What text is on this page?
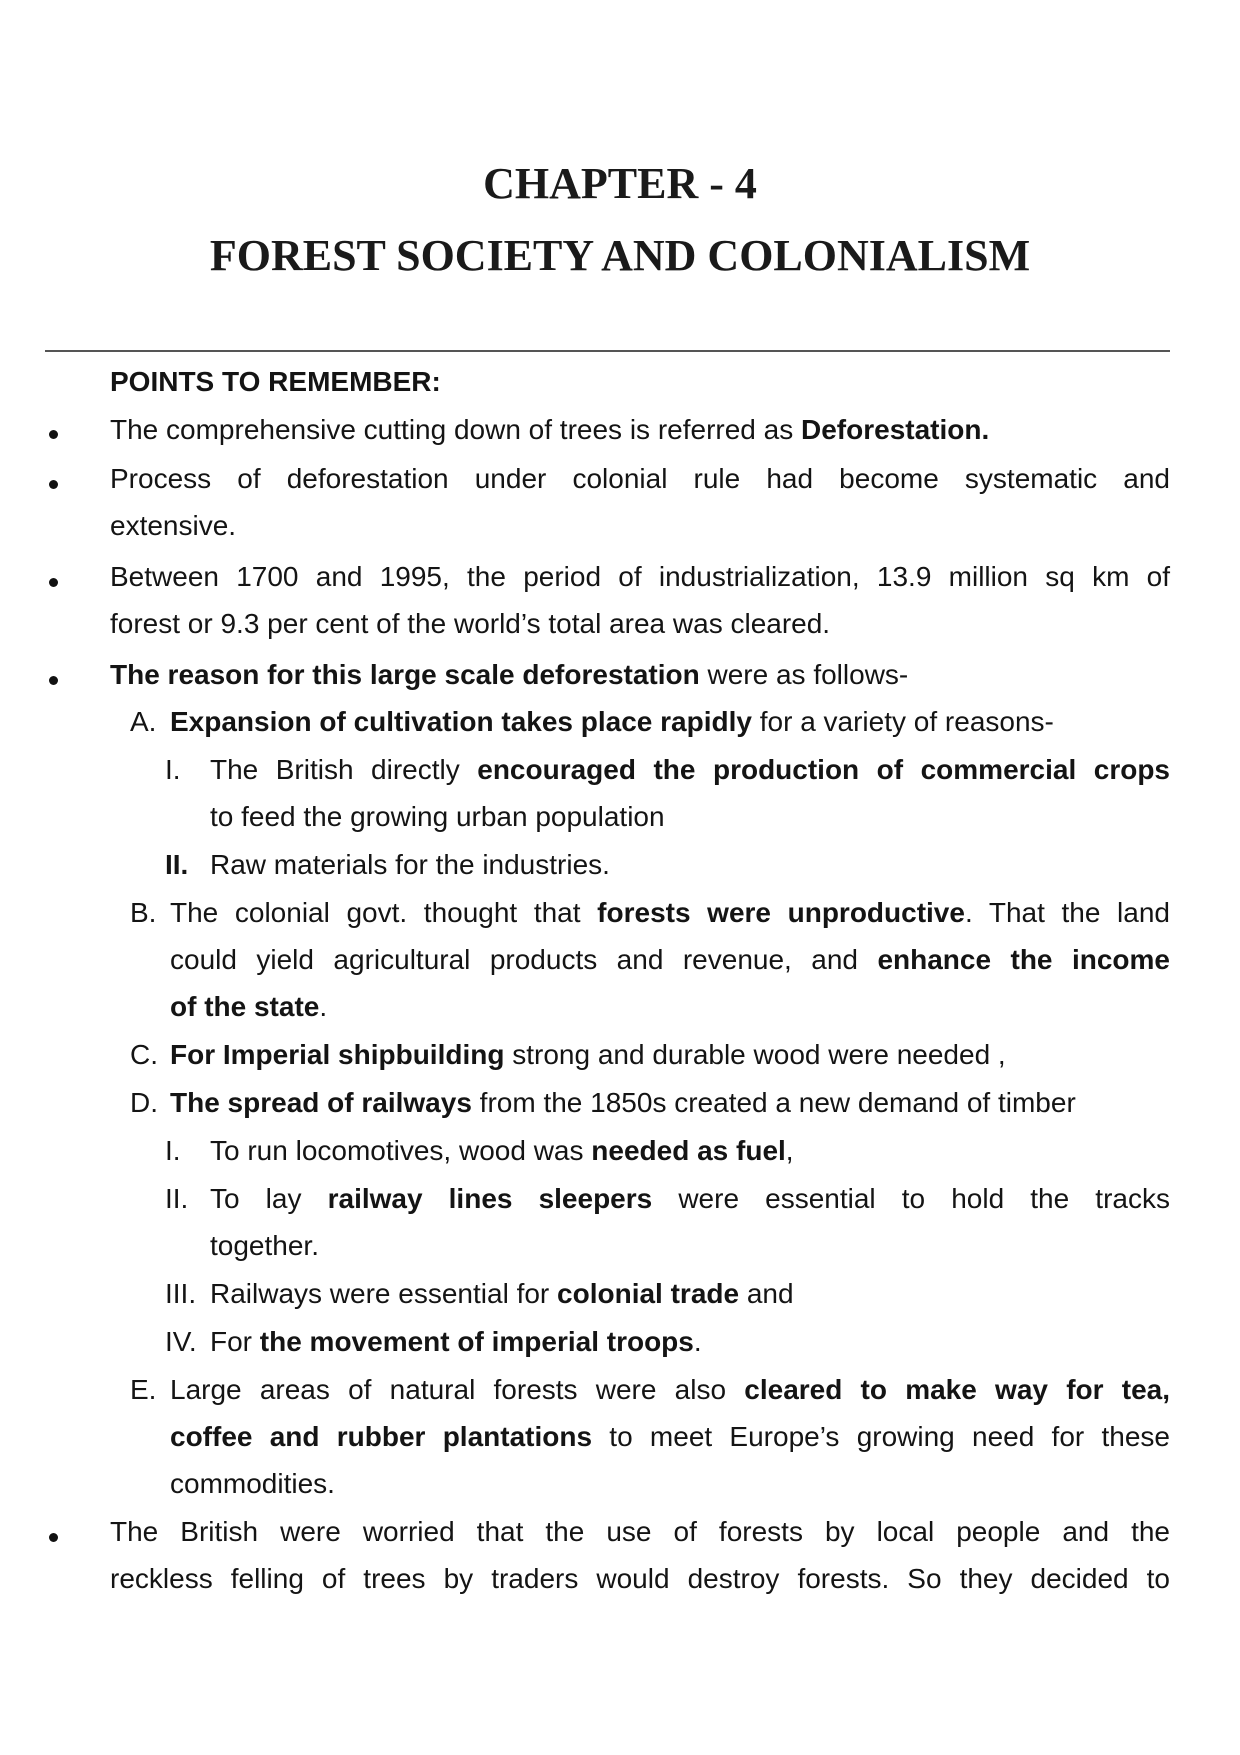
CHAPTER - 4
FOREST SOCIETY AND COLONIALISM
POINTS TO REMEMBER:
The comprehensive cutting down of trees is referred as Deforestation.
Process of deforestation under colonial rule had become systematic and
extensive.
Between 1700 and 1995, the period of industrialization, 13.9 million sq km of
forest or 9.3 per cent of the world’s total area was cleared.
The reason for this large scale deforestation were as follows-
A. Expansion of cultivation takes place rapidly for a variety of reasons-
I. The British directly encouraged the production of commercial crops
to feed the growing urban population
II. Raw materials for the industries.
B. The colonial govt. thought that forests were unproductive. That the land
could yield agricultural products and revenue, and enhance the income
of the state.
C. For Imperial shipbuilding strong and durable wood were needed ,
D. The spread of railways from the 1850s created a new demand of timber
I. To run locomotives, wood was needed as fuel,
II. To lay railway lines sleepers were essential to hold the tracks
together.
III. Railways were essential for colonial trade and
IV. For the movement of imperial troops.
E. Large areas of natural forests were also cleared to make way for tea,
coffee and rubber plantations to meet Europe’s growing need for these
commodities.
The British were worried that the use of forests by local people and the
reckless felling of trees by traders would destroy forests. So they decided to
